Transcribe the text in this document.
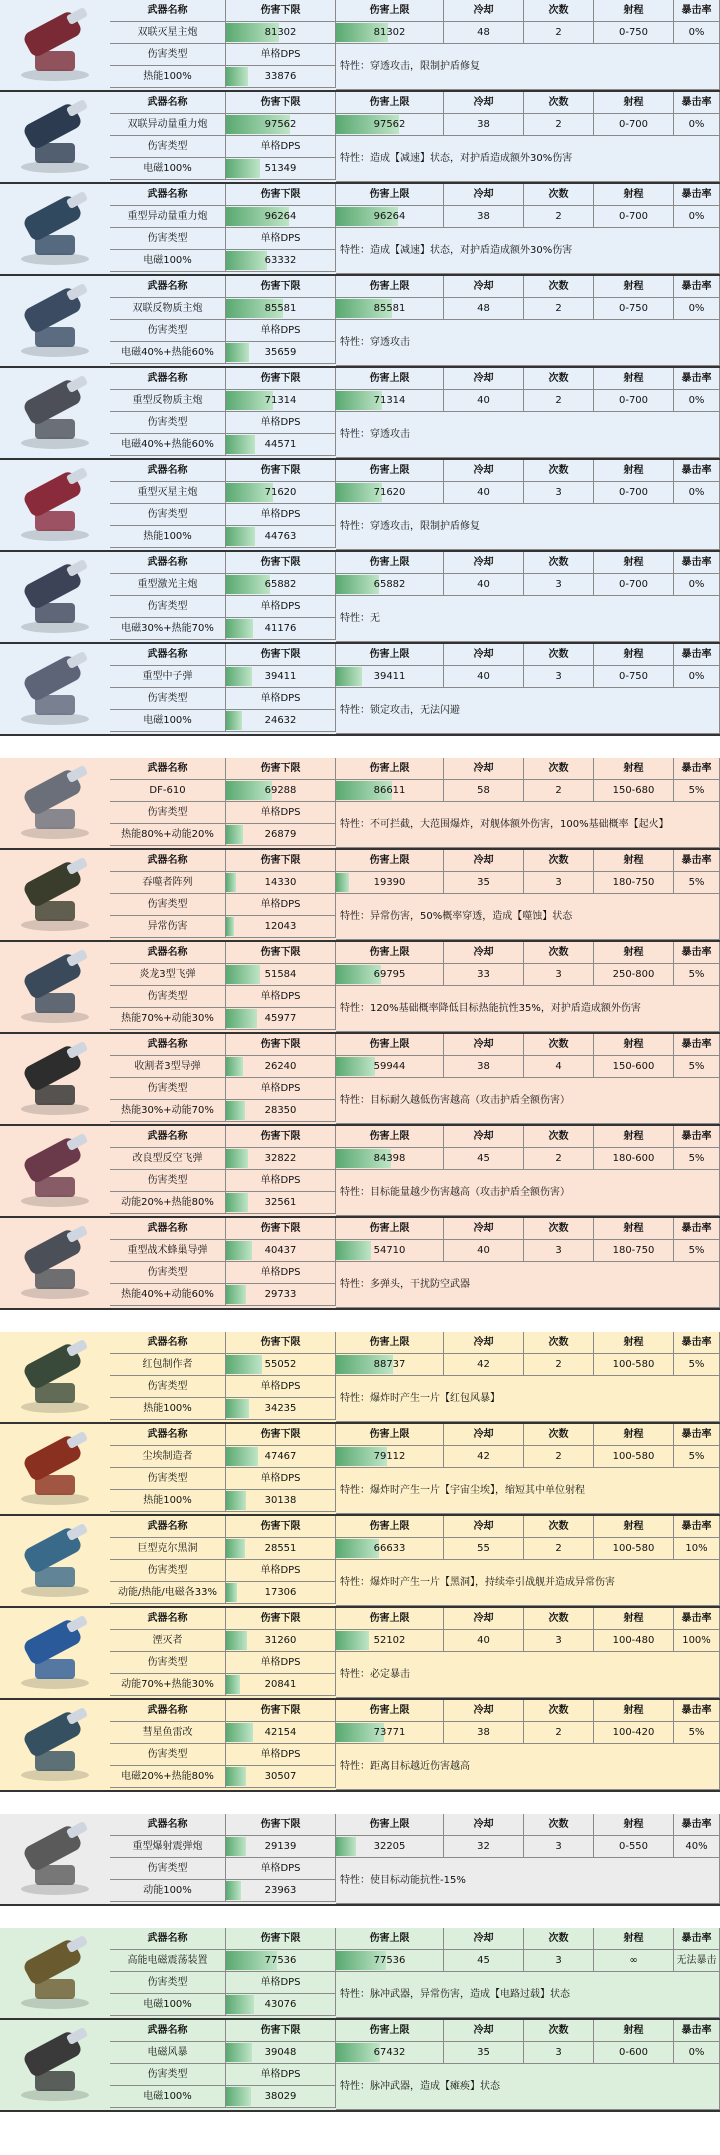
武器名称	伤害下限	伤害上限	冷却	次数	射程	暴击率
双联灭星主炮	81302	81302	48	2	0-750	0%
伤害类型	单格DPS
热能100%	33876
特性：穿透攻击，限制护盾修复
武器名称	伤害下限	伤害上限	冷却	次数	射程	暴击率
双联异动量重力炮	97562	97562	38	2	0-700	0%
伤害类型	单格DPS
电磁100%	51349
特性：造成【减速】状态，对护盾造成额外30%伤害
武器名称	伤害下限	伤害上限	冷却	次数	射程	暴击率
重型异动量重力炮	96264	96264	38	2	0-700	0%
伤害类型	单格DPS
电磁100%	63332
特性：造成【减速】状态，对护盾造成额外30%伤害
武器名称	伤害下限	伤害上限	冷却	次数	射程	暴击率
双联反物质主炮	85581	85581	48	2	0-750	0%
伤害类型	单格DPS
电磁40%+热能60%	35659
特性：穿透攻击
武器名称	伤害下限	伤害上限	冷却	次数	射程	暴击率
重型反物质主炮	71314	71314	40	2	0-700	0%
伤害类型	单格DPS
电磁40%+热能60%	44571
特性：穿透攻击
武器名称	伤害下限	伤害上限	冷却	次数	射程	暴击率
重型灭星主炮	71620	71620	40	3	0-700	0%
伤害类型	单格DPS
热能100%	44763
特性：穿透攻击，限制护盾修复
武器名称	伤害下限	伤害上限	冷却	次数	射程	暴击率
重型激光主炮	65882	65882	40	3	0-700	0%
伤害类型	单格DPS
电磁30%+热能70%	41176
特性：无
武器名称	伤害下限	伤害上限	冷却	次数	射程	暴击率
重型中子弹	39411	39411	40	3	0-750	0%
伤害类型	单格DPS
电磁100%	24632
特性：锁定攻击，无法闪避
武器名称	伤害下限	伤害上限	冷却	次数	射程	暴击率
DF-610	69288	86611	58	2	150-680	5%
伤害类型	单格DPS
热能80%+动能20%	26879
特性：不可拦截，大范围爆炸，对舰体额外伤害，100%基础概率【起火】
武器名称	伤害下限	伤害上限	冷却	次数	射程	暴击率
吞噬者阵列	14330	19390	35	3	180-750	5%
伤害类型	单格DPS
异常伤害	12043
特性：异常伤害，50%概率穿透，造成【噬蚀】状态
武器名称	伤害下限	伤害上限	冷却	次数	射程	暴击率
炎龙3型飞弹	51584	69795	33	3	250-800	5%
伤害类型	单格DPS
热能70%+动能30%	45977
特性：120%基础概率降低目标热能抗性35%，对护盾造成额外伤害
武器名称	伤害下限	伤害上限	冷却	次数	射程	暴击率
收割者3型导弹	26240	59944	38	4	150-600	5%
伤害类型	单格DPS
热能30%+动能70%	28350
特性：目标耐久越低伤害越高（攻击护盾全额伤害）
武器名称	伤害下限	伤害上限	冷却	次数	射程	暴击率
改良型反空飞弹	32822	84398	45	2	180-600	5%
伤害类型	单格DPS
动能20%+热能80%	32561
特性：目标能量越少伤害越高（攻击护盾全额伤害）
武器名称	伤害下限	伤害上限	冷却	次数	射程	暴击率
重型战术蜂巢导弹	40437	54710	40	3	180-750	5%
伤害类型	单格DPS
热能40%+动能60%	29733
特性：多弹头，干扰防空武器
武器名称	伤害下限	伤害上限	冷却	次数	射程	暴击率
红包制作者	55052	88737	42	2	100-580	5%
伤害类型	单格DPS
热能100%	34235
特性：爆炸时产生一片【红包风暴】
武器名称	伤害下限	伤害上限	冷却	次数	射程	暴击率
尘埃制造者	47467	79112	42	2	100-580	5%
伤害类型	单格DPS
热能100%	30138
特性：爆炸时产生一片【宇宙尘埃】，缩短其中单位射程
武器名称	伤害下限	伤害上限	冷却	次数	射程	暴击率
巨型克尔黑洞	28551	66633	55	2	100-580	10%
伤害类型	单格DPS
动能/热能/电磁各33%	17306
特性：爆炸时产生一片【黑洞】，持续牵引战舰并造成异常伤害
武器名称	伤害下限	伤害上限	冷却	次数	射程	暴击率
湮灭者	31260	52102	40	3	100-480	100%
伤害类型	单格DPS
动能70%+热能30%	20841
特性：必定暴击
武器名称	伤害下限	伤害上限	冷却	次数	射程	暴击率
彗星鱼雷改	42154	73771	38	2	100-420	5%
伤害类型	单格DPS
电磁20%+热能80%	30507
特性：距离目标越近伤害越高
武器名称	伤害下限	伤害上限	冷却	次数	射程	暴击率
重型爆射震弹炮	29139	32205	32	3	0-550	40%
伤害类型	单格DPS
动能100%	23963
特性：使目标动能抗性-15%
武器名称	伤害下限	伤害上限	冷却	次数	射程	暴击率
高能电磁震荡装置	77536	77536	45	3	∞	无法暴击
伤害类型	单格DPS
电磁100%	43076
特性：脉冲武器，异常伤害，造成【电路过载】状态
武器名称	伤害下限	伤害上限	冷却	次数	射程	暴击率
电磁风暴	39048	67432	35	3	0-600	0%
伤害类型	单格DPS
电磁100%	38029
特性：脉冲武器，造成【瘫痪】状态
